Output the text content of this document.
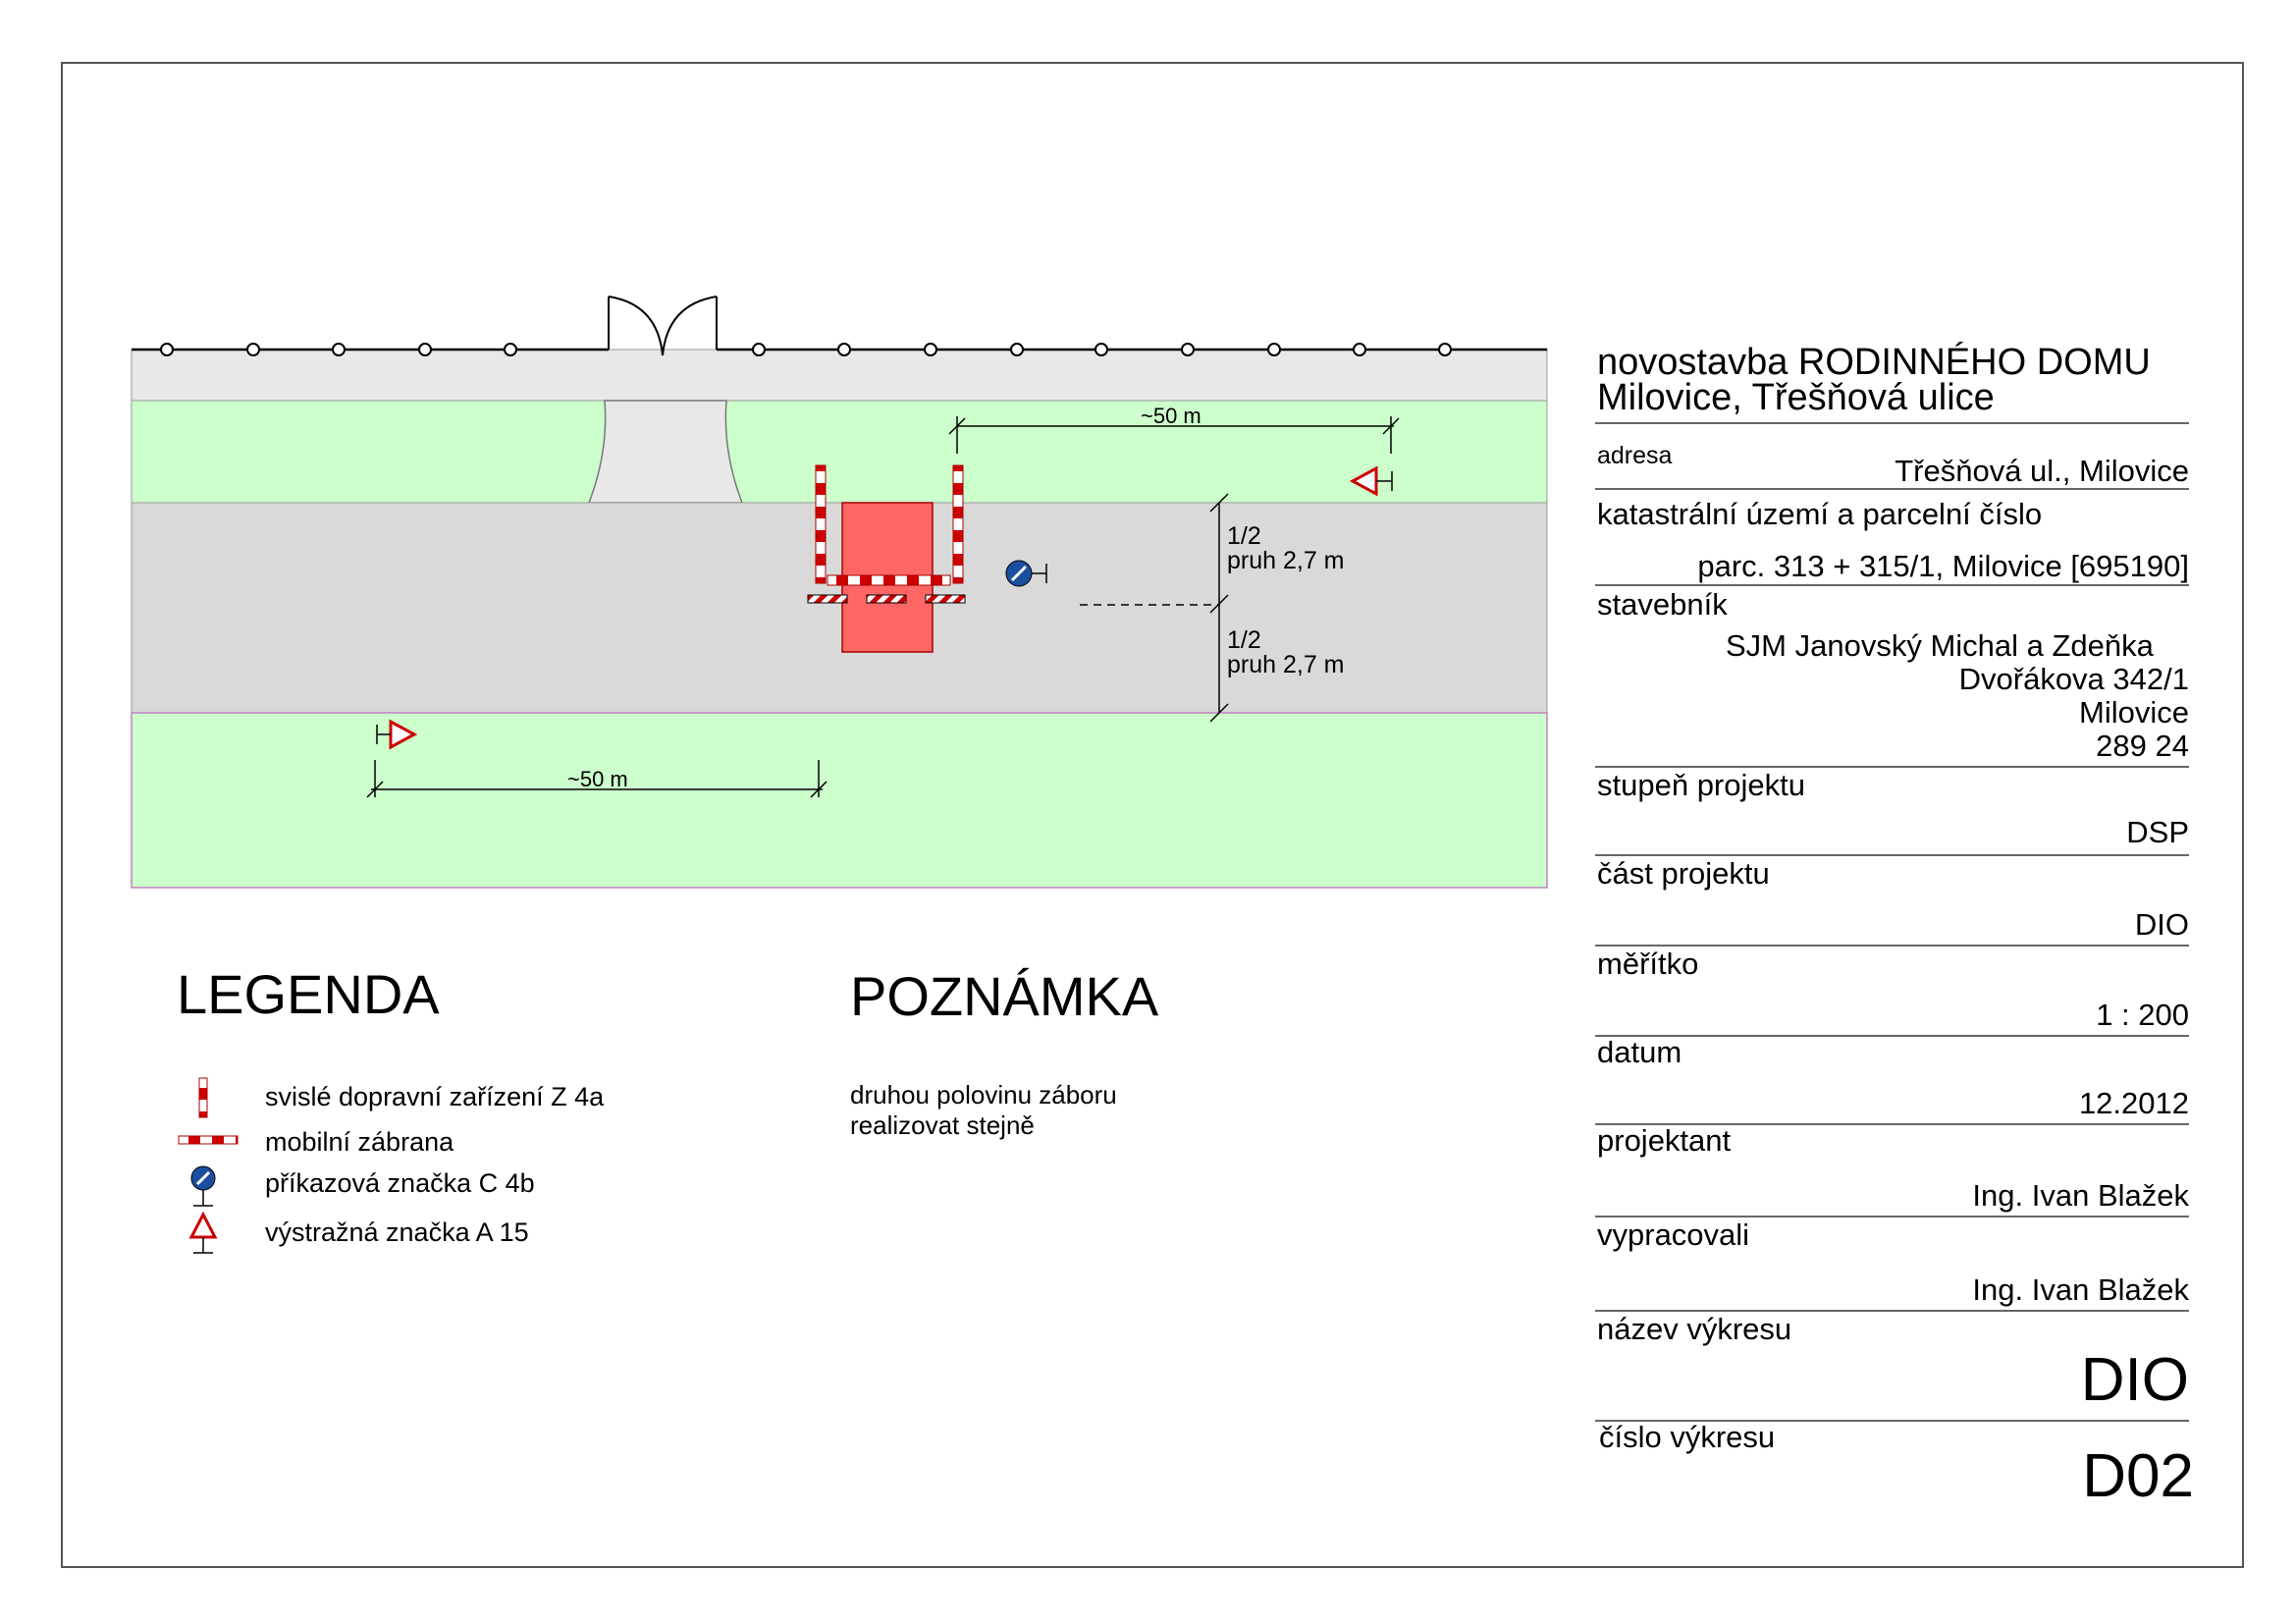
~50 m
~50 m
1/2
pruh 2,7 m
1/2
pruh 2,7 m
LEGENDA
svislé dopravní zařízení Z 4a
mobilní zábrana
příkazová značka C 4b
výstražná značka A 15
POZNÁMKA
druhou polovinu záboru
realizovat stejně
novostavba RODINNÉHO DOMU
Milovice, Třešňová ulice
adresa	Třešňová ul., Milovice
katastrální území a parcelní číslo
parc. 313 + 315/1, Milovice [695190]
stavebník
SJM Janovský Michal a Zdeňka
Dvořákova 342/1
Milovice
289 24
stupeň projektu
DSP
část projektu
DIO
měřítko
1 : 200
datum
12.2012
projektant
Ing. Ivan Blažek
vypracovali
Ing. Ivan Blažek
název výkresu
DIO
číslo výkresu
D02
